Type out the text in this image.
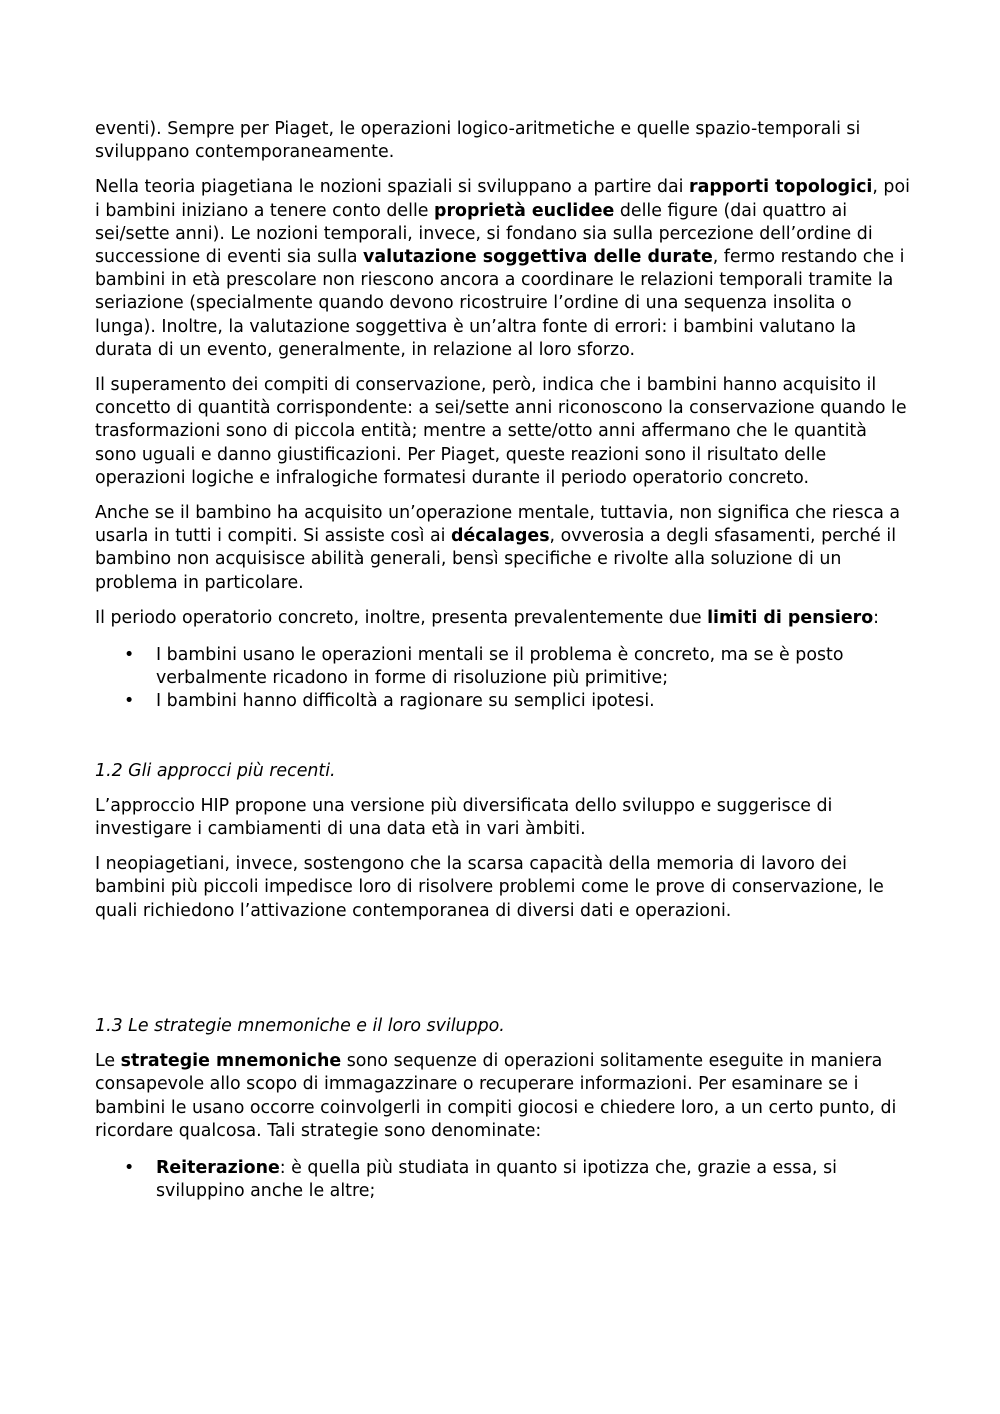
eventi). Sempre per Piaget, le operazioni logico-aritmetiche e quelle spazio-temporali si sviluppano contemporaneamente.

Nella teoria piagetiana le nozioni spaziali si sviluppano a partire dai rapporti topologici, poi i bambini iniziano a tenere conto delle proprietà euclidee delle figure (dai quattro ai sei/sette anni). Le nozioni temporali, invece, si fondano sia sulla percezione dell’ordine di successione di eventi sia sulla valutazione soggettiva delle durate, fermo restando che i bambini in età prescolare non riescono ancora a coordinare le relazioni temporali tramite la seriazione (specialmente quando devono ricostruire l’ordine di una sequenza insolita o lunga). Inoltre, la valutazione soggettiva è un’altra fonte di errori: i bambini valutano la durata di un evento, generalmente, in relazione al loro sforzo.

Il superamento dei compiti di conservazione, però, indica che i bambini hanno acquisito il concetto di quantità corrispondente: a sei/sette anni riconoscono la conservazione quando le trasformazioni sono di piccola entità; mentre a sette/otto anni affermano che le quantità sono uguali e danno giustificazioni. Per Piaget, queste reazioni sono il risultato delle operazioni logiche e infralogiche formatesi durante il periodo operatorio concreto.

Anche se il bambino ha acquisito un’operazione mentale, tuttavia, non significa che riesca a usarla in tutti i compiti. Si assiste così ai décalages, ovverosia a degli sfasamenti, perché il bambino non acquisisce abilità generali, bensì specifiche e rivolte alla soluzione di un problema in particolare.

Il periodo operatorio concreto, inoltre, presenta prevalentemente due limiti di pensiero:

• I bambini usano le operazioni mentali se il problema è concreto, ma se è posto verbalmente ricadono in forme di risoluzione più primitive;
• I bambini hanno difficoltà a ragionare su semplici ipotesi.

1.2 Gli approcci più recenti.

L’approccio HIP propone una versione più diversificata dello sviluppo e suggerisce di investigare i cambiamenti di una data età in vari àmbiti.

I neopiagetiani, invece, sostengono che la scarsa capacità della memoria di lavoro dei bambini più piccoli impedisce loro di risolvere problemi come le prove di conservazione, le quali richiedono l’attivazione contemporanea di diversi dati e operazioni.

1.3 Le strategie mnemoniche e il loro sviluppo.

Le strategie mnemoniche sono sequenze di operazioni solitamente eseguite in maniera consapevole allo scopo di immagazzinare o recuperare informazioni. Per esaminare se i bambini le usano occorre coinvolgerli in compiti giocosi e chiedere loro, a un certo punto, di ricordare qualcosa. Tali strategie sono denominate:

• Reiterazione: è quella più studiata in quanto si ipotizza che, grazie a essa, si sviluppino anche le altre;
